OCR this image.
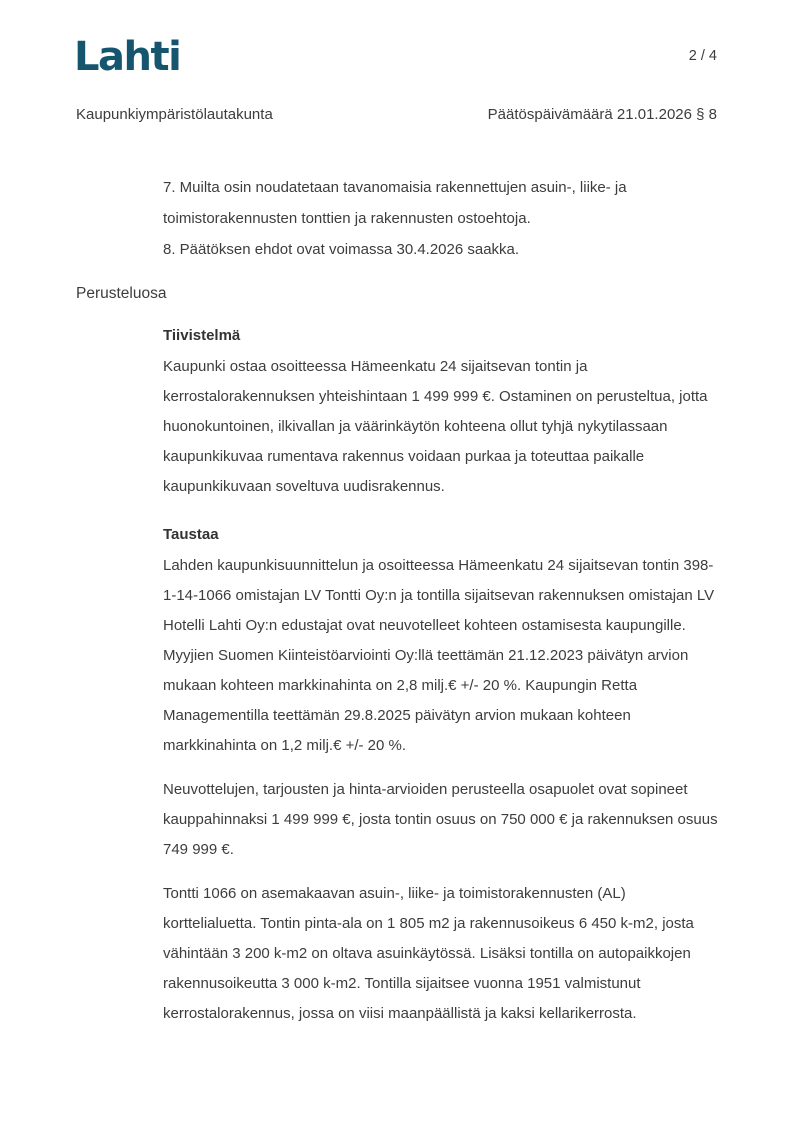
Lahti	2 / 4
Kaupunkiympäristölautakunta	Päätöspäivämäärä 21.01.2026 § 8

7. Muilta osin noudatetaan tavanomaisia rakennettujen asuin-, liike- ja toimistorakennusten tonttien ja rakennusten ostoehtoja.

8. Päätöksen ehdot ovat voimassa 30.4.2026 saakka.

Perusteluosa
Tiivistelmä

Kaupunki ostaa osoitteessa Hämeenkatu 24 sijaitsevan tontin ja kerrostalorakennuksen yhteishintaan 1 499 999 €. Ostaminen on perusteltua, jotta huonokuntoinen, ilkivallan ja väärinkäytön kohteena ollut tyhjä nykytilassaan kaupunkikuvaa rumentava rakennus voidaan purkaa ja toteuttaa paikalle kaupunkikuvaan soveltuva uudisrakennus.

Taustaa

Lahden kaupunkisuunnittelun ja osoitteessa Hämeenkatu 24 sijaitsevan tontin 398-1-14-1066 omistajan LV Tontti Oy:n ja tontilla sijaitsevan rakennuksen omistajan LV Hotelli Lahti Oy:n edustajat ovat neuvotelleet kohteen ostamisesta kaupungille. Myyjien Suomen Kiinteistöarviointi Oy:llä teettämän 21.12.2023 päivätyn arvion mukaan kohteen markkinahinta on 2,8 milj.€ +/- 20 %. Kaupungin Retta Managementilla teettämän 29.8.2025 päivätyn arvion mukaan kohteen markkinahinta on 1,2 milj.€ +/- 20 %.

Neuvottelujen, tarjousten ja hinta-arvioiden perusteella osapuolet ovat sopineet kauppahinnaksi 1 499 999 €, josta tontin osuus on 750 000 € ja rakennuksen osuus 749 999 €.

Tontti 1066 on asemakaavan asuin-, liike- ja toimistorakennusten (AL) korttelialuetta. Tontin pinta-ala on 1 805 m2 ja rakennusoikeus 6 450 k-m2, josta vähintään 3 200 k-m2 on oltava asuinkäytössä. Lisäksi tontilla on autopaikkojen rakennusoikeutta 3 000 k-m2. Tontilla sijaitsee vuonna 1951 valmistunut kerrostalorakennus, jossa on viisi maanpäällistä ja kaksi kellarikerrosta.
